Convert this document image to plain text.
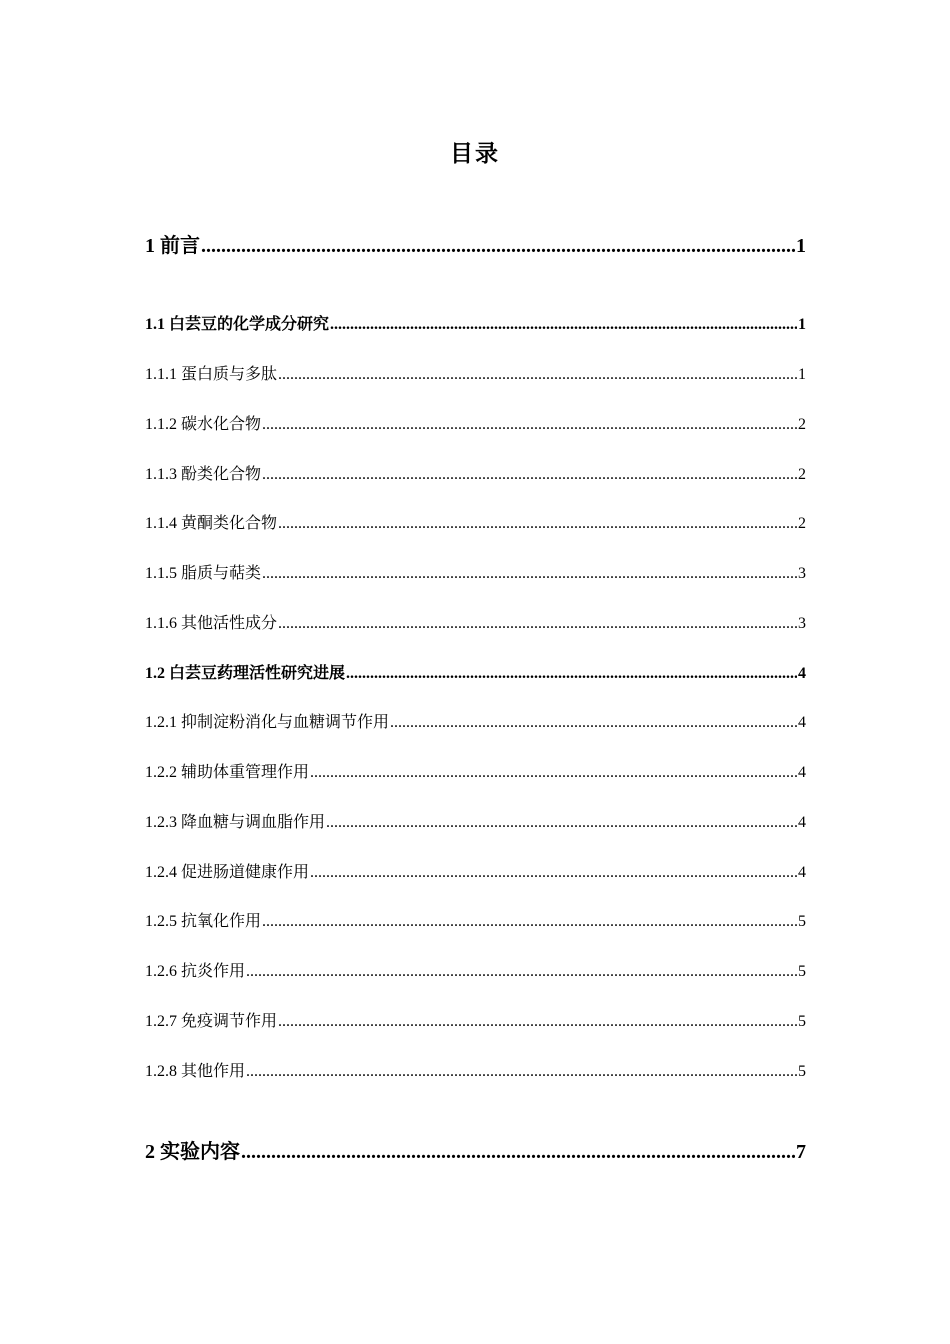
目录
1 前言 .....	1
1.1 白芸豆的化学成分研究 .....	1
1.1.1 蛋白质与多肽 .....	1
1.1.2 碳水化合物 .....	2
1.1.3 酚类化合物 .....	2
1.1.4 黄酮类化合物 .....	2
1.1.5 脂质与萜类 .....	3
1.1.6 其他活性成分 .....	3
1.2 白芸豆药理活性研究进展 .....	4
1.2.1 抑制淀粉消化与血糖调节作用 .....	4
1.2.2 辅助体重管理作用 .....	4
1.2.3 降血糖与调血脂作用 .....	4
1.2.4 促进肠道健康作用 .....	4
1.2.5 抗氧化作用 .....	5
1.2.6 抗炎作用 .....	5
1.2.7 免疫调节作用 .....	5
1.2.8 其他作用 .....	5
2 实验内容 .....	7
